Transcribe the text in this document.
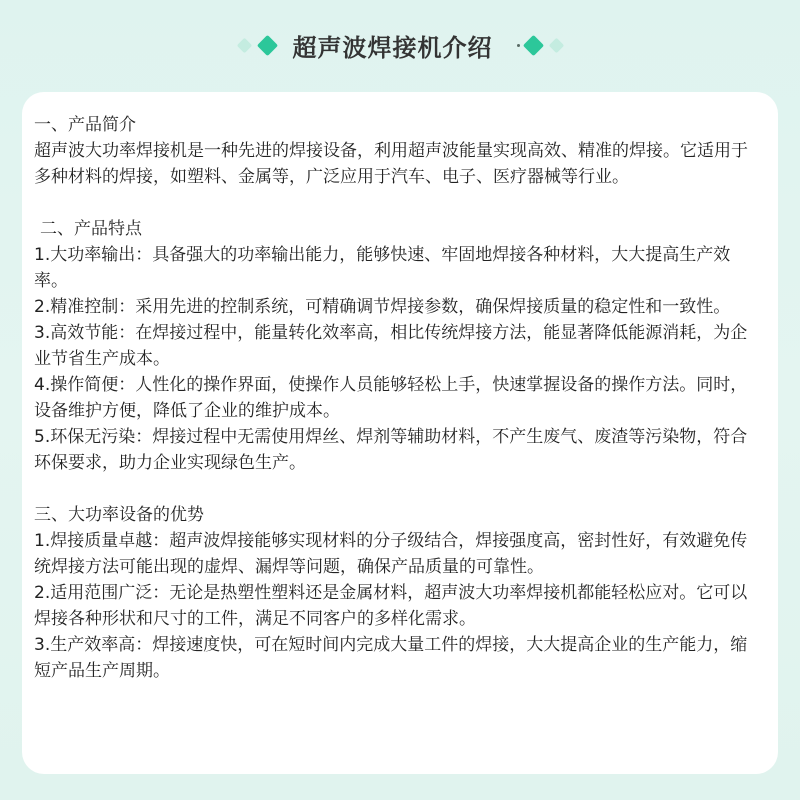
超声波焊接机介绍

一、产品简介

超声波大功率焊接机是一种先进的焊接设备，利用超声波能量实现高效、精准的焊接。它适用于多种材料的焊接，如塑料、金属等，广泛应用于汽车、电子、医疗器械等行业。

二、产品特点

1.大功率输出：具备强大的功率输出能力，能够快速、牢固地焊接各种材料，大大提高生产效率。

2.精准控制：采用先进的控制系统，可精确调节焊接参数，确保焊接质量的稳定性和一致性。

3.高效节能：在焊接过程中，能量转化效率高，相比传统焊接方法，能显著降低能源消耗，为企业节省生产成本。

4.操作简便：人性化的操作界面，使操作人员能够轻松上手，快速掌握设备的操作方法。同时，设备维护方便，降低了企业的维护成本。

5.环保无污染：焊接过程中无需使用焊丝、焊剂等辅助材料，不产生废气、废渣等污染物，符合环保要求，助力企业实现绿色生产。

三、大功率设备的优势

1.焊接质量卓越：超声波焊接能够实现材料的分子级结合，焊接强度高，密封性好，有效避免传统焊接方法可能出现的虚焊、漏焊等问题，确保产品质量的可靠性。

2.适用范围广泛：无论是热塑性塑料还是金属材料，超声波大功率焊接机都能轻松应对。它可以焊接各种形状和尺寸的工件，满足不同客户的多样化需求。

3.生产效率高：焊接速度快，可在短时间内完成大量工件的焊接，大大提高企业的生产能力，缩短产品生产周期。
